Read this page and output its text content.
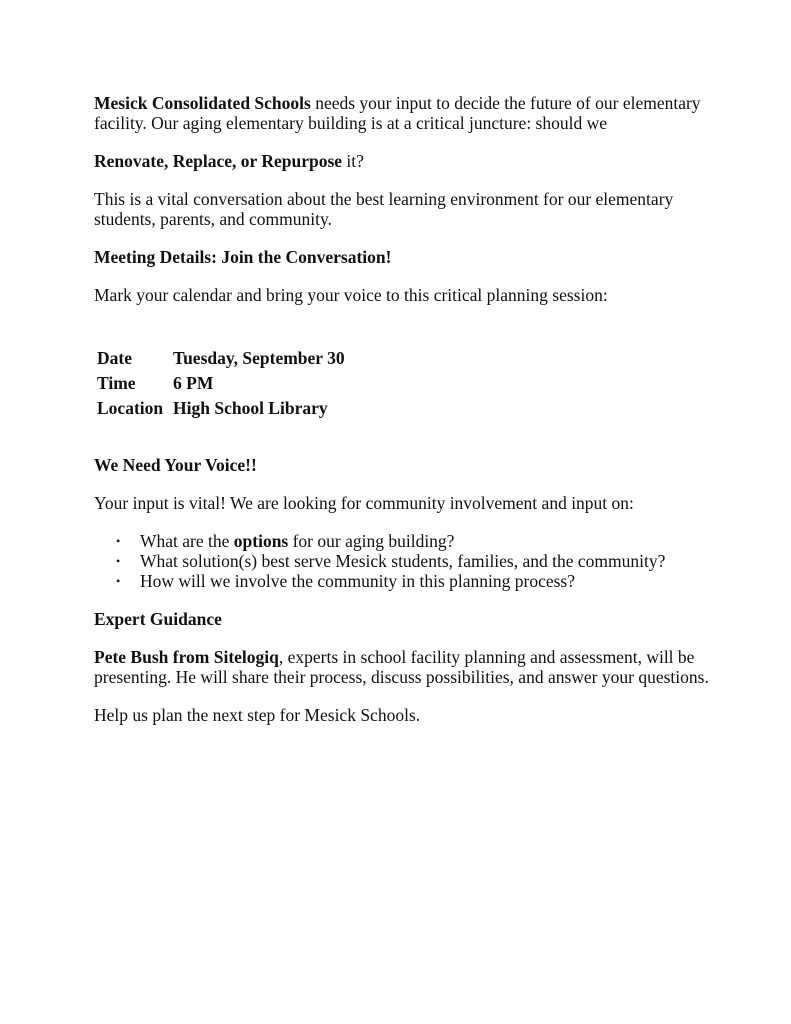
Mesick Consolidated Schools needs your input to decide the future of our elementary facility. Our aging elementary building is at a critical juncture: should we

Renovate, Replace, or Repurpose it?

This is a vital conversation about the best learning environment for our elementary students, parents, and community.

Meeting Details: Join the Conversation!

Mark your calendar and bring your voice to this critical planning session:

Date	Tuesday, September 30
Time	6 PM
Location	High School Library

We Need Your Voice!!

Your input is vital! We are looking for community involvement and input on:

• What are the options for our aging building?
• What solution(s) best serve Mesick students, families, and the community?
• How will we involve the community in this planning process?

Expert Guidance

Pete Bush from Sitelogiq, experts in school facility planning and assessment, will be presenting. He will share their process, discuss possibilities, and answer your questions.

Help us plan the next step for Mesick Schools.
